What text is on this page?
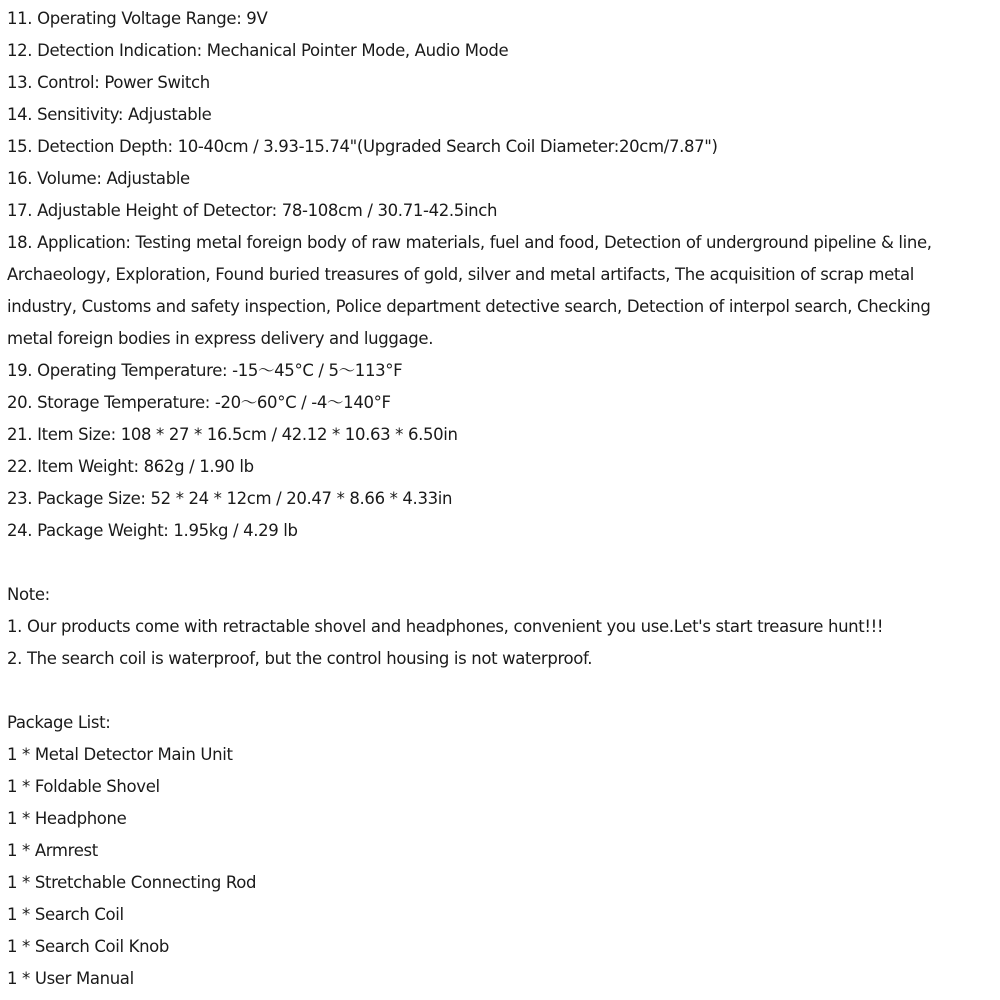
11. Operating Voltage Range: 9V
12. Detection Indication: Mechanical Pointer Mode, Audio Mode
13. Control: Power Switch
14. Sensitivity: Adjustable
15. Detection Depth: 10-40cm / 3.93-15.74"(Upgraded Search Coil Diameter:20cm/7.87")
16. Volume: Adjustable
17. Adjustable Height of Detector: 78-108cm / 30.71-42.5inch
18. Application: Testing metal foreign body of raw materials, fuel and food, Detection of underground pipeline & line,
Archaeology, Exploration, Found buried treasures of gold, silver and metal artifacts, The acquisition of scrap metal
industry, Customs and safety inspection, Police department detective search, Detection of interpol search, Checking
metal foreign bodies in express delivery and luggage.
19. Operating Temperature: -15～45°C / 5～113°F
20. Storage Temperature: -20～60°C / -4～140°F
21. Item Size: 108 * 27 * 16.5cm / 42.12 * 10.63 * 6.50in
22. Item Weight: 862g / 1.90 lb
23. Package Size: 52 * 24 * 12cm / 20.47 * 8.66 * 4.33in
24. Package Weight: 1.95kg / 4.29 lb
Note:
1. Our products come with retractable shovel and headphones, convenient you use.Let's start treasure hunt!!!
2. The search coil is waterproof, but the control housing is not waterproof.
Package List:
1 * Metal Detector Main Unit
1 * Foldable Shovel
1 * Headphone
1 * Armrest
1 * Stretchable Connecting Rod
1 * Search Coil
1 * Search Coil Knob
1 * User Manual
